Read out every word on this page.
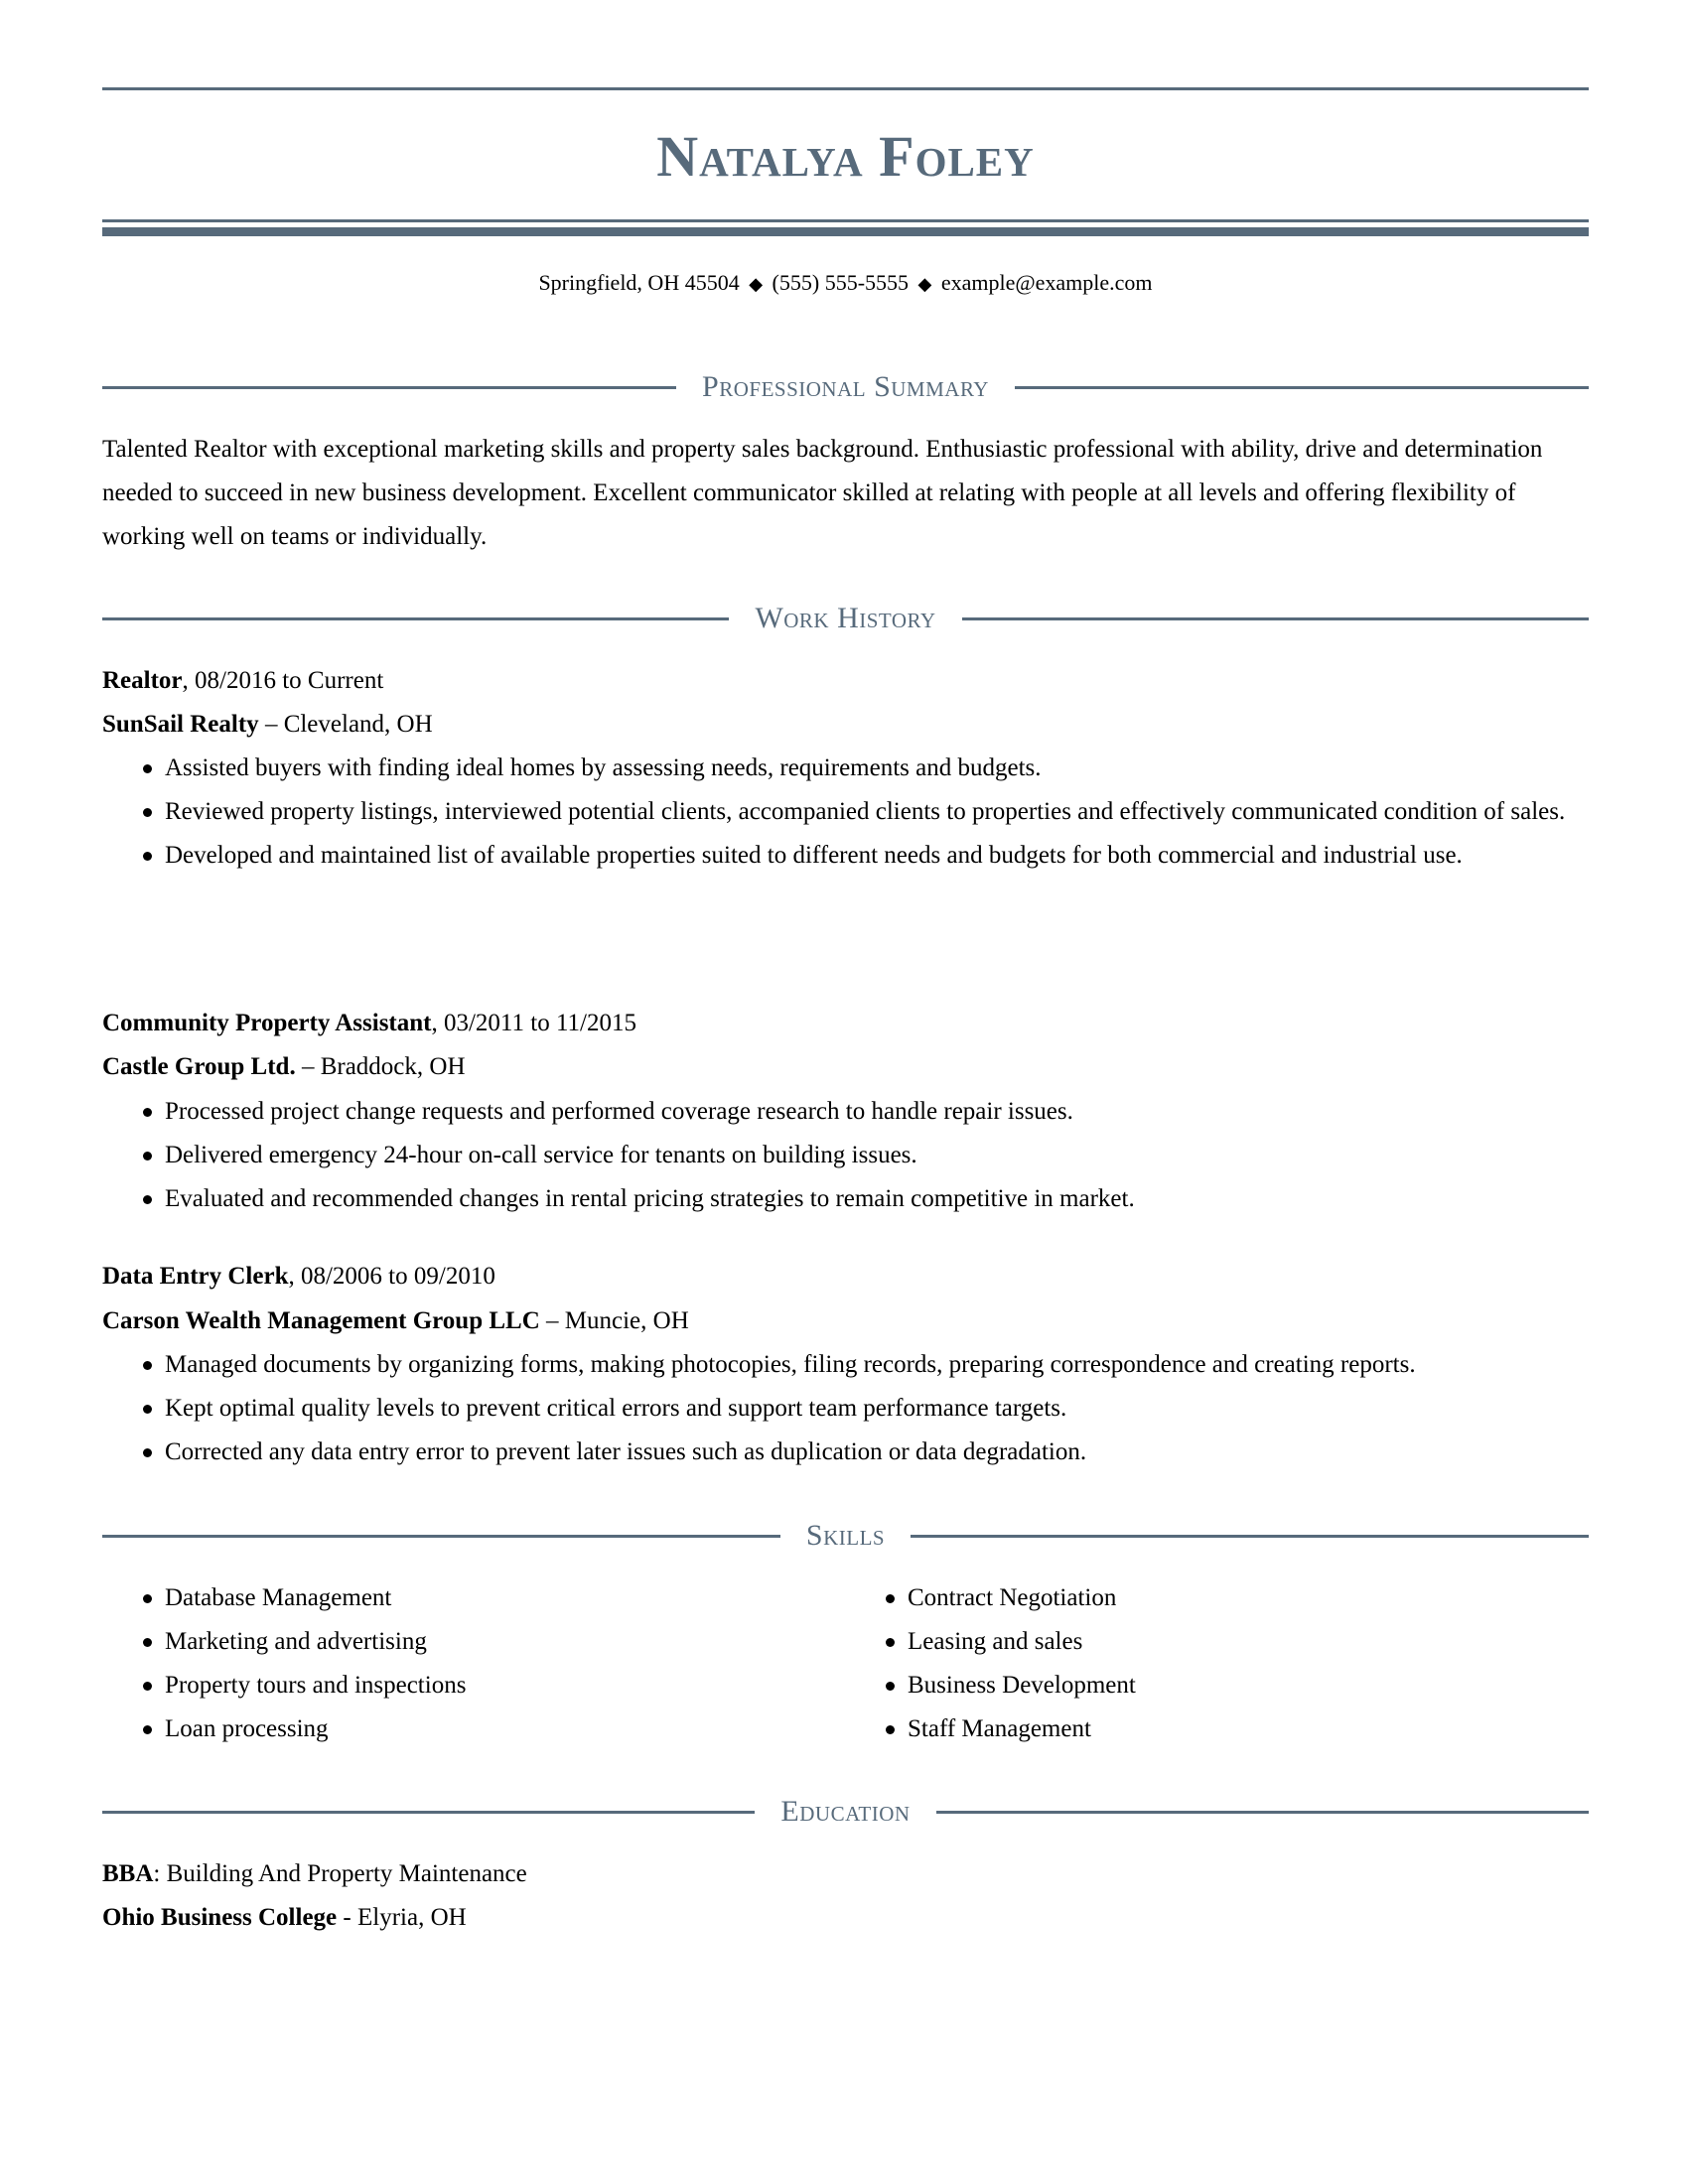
Natalya Foley
Springfield, OH 45504 ◆ (555) 555-5555 ◆ example@example.com
Professional Summary
Talented Realtor with exceptional marketing skills and property sales background. Enthusiastic professional with ability, drive and determination needed to succeed in new business development. Excellent communicator skilled at relating with people at all levels and offering flexibility of working well on teams or individually.
Work History
Realtor, 08/2016 to Current
SunSail Realty – Cleveland, OH
Assisted buyers with finding ideal homes by assessing needs, requirements and budgets.
Reviewed property listings, interviewed potential clients, accompanied clients to properties and effectively communicated condition of sales.
Developed and maintained list of available properties suited to different needs and budgets for both commercial and industrial use.
Community Property Assistant, 03/2011 to 11/2015
Castle Group Ltd. – Braddock, OH
Processed project change requests and performed coverage research to handle repair issues.
Delivered emergency 24-hour on-call service for tenants on building issues.
Evaluated and recommended changes in rental pricing strategies to remain competitive in market.
Data Entry Clerk, 08/2006 to 09/2010
Carson Wealth Management Group LLC – Muncie, OH
Managed documents by organizing forms, making photocopies, filing records, preparing correspondence and creating reports.
Kept optimal quality levels to prevent critical errors and support team performance targets.
Corrected any data entry error to prevent later issues such as duplication or data degradation.
Skills
Database Management
Marketing and advertising
Property tours and inspections
Loan processing
Contract Negotiation
Leasing and sales
Business Development
Staff Management
Education
BBA: Building And Property Maintenance
Ohio Business College - Elyria, OH
